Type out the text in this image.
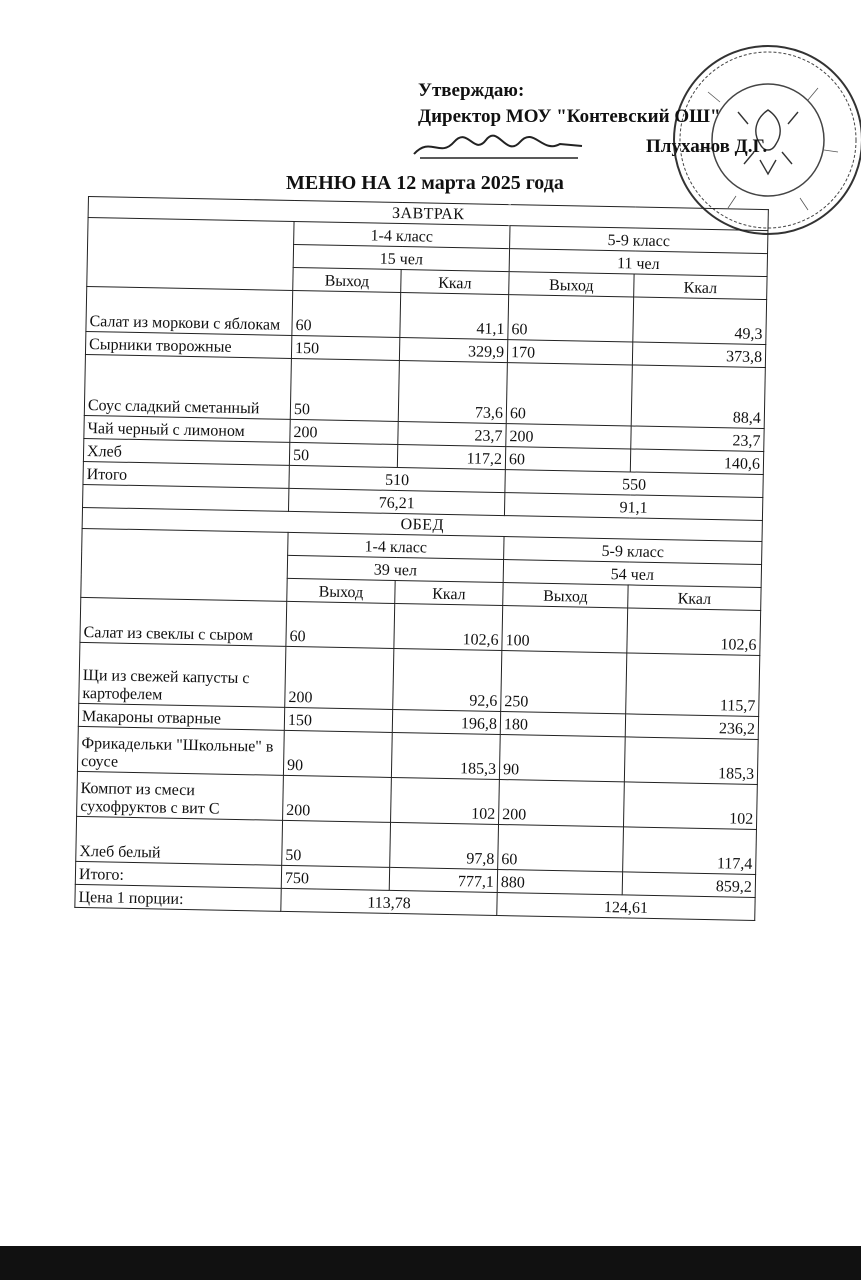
Утверждаю:
Директор МОУ "Контевский ОШ"
Плуханов Д.Г.
МЕНЮ НА 12 марта 2025 года
ЗАВТРАК				
	1-4 класс		5-9 класс	
	15 чел		11 чел	
	Выход	Ккал	Выход	Ккал
Салат из моркови с яблокам	60	41,1	60	49,3
Сырники творожные	150	329,9	170	373,8
Соус сладкий сметанный	50	73,6	60	88,4
Чай черный с лимоном	200	23,7	200	23,7
Хлеб	50	117,2	60	140,6
Итого	510		550	
	76,21		91,1	
ОБЕД				
	1-4 класс		5-9 класс	
	39 чел		54 чел	
	Выход	Ккал	Выход	Ккал
Салат из свеклы с сыром	60	102,6	100	102,6
Щи из свежей капусты с картофелем	200	92,6	250	115,7
Макароны отварные	150	196,8	180	236,2
Фрикадельки "Школьные" в соусе	90	185,3	90	185,3
Компот из смеси сухофруктов с вит С	200	102	200	102
Хлеб белый	50	97,8	60	117,4
Итого:	750	777,1	880	859,2
Цена 1 порции:	113,78		124,61	
